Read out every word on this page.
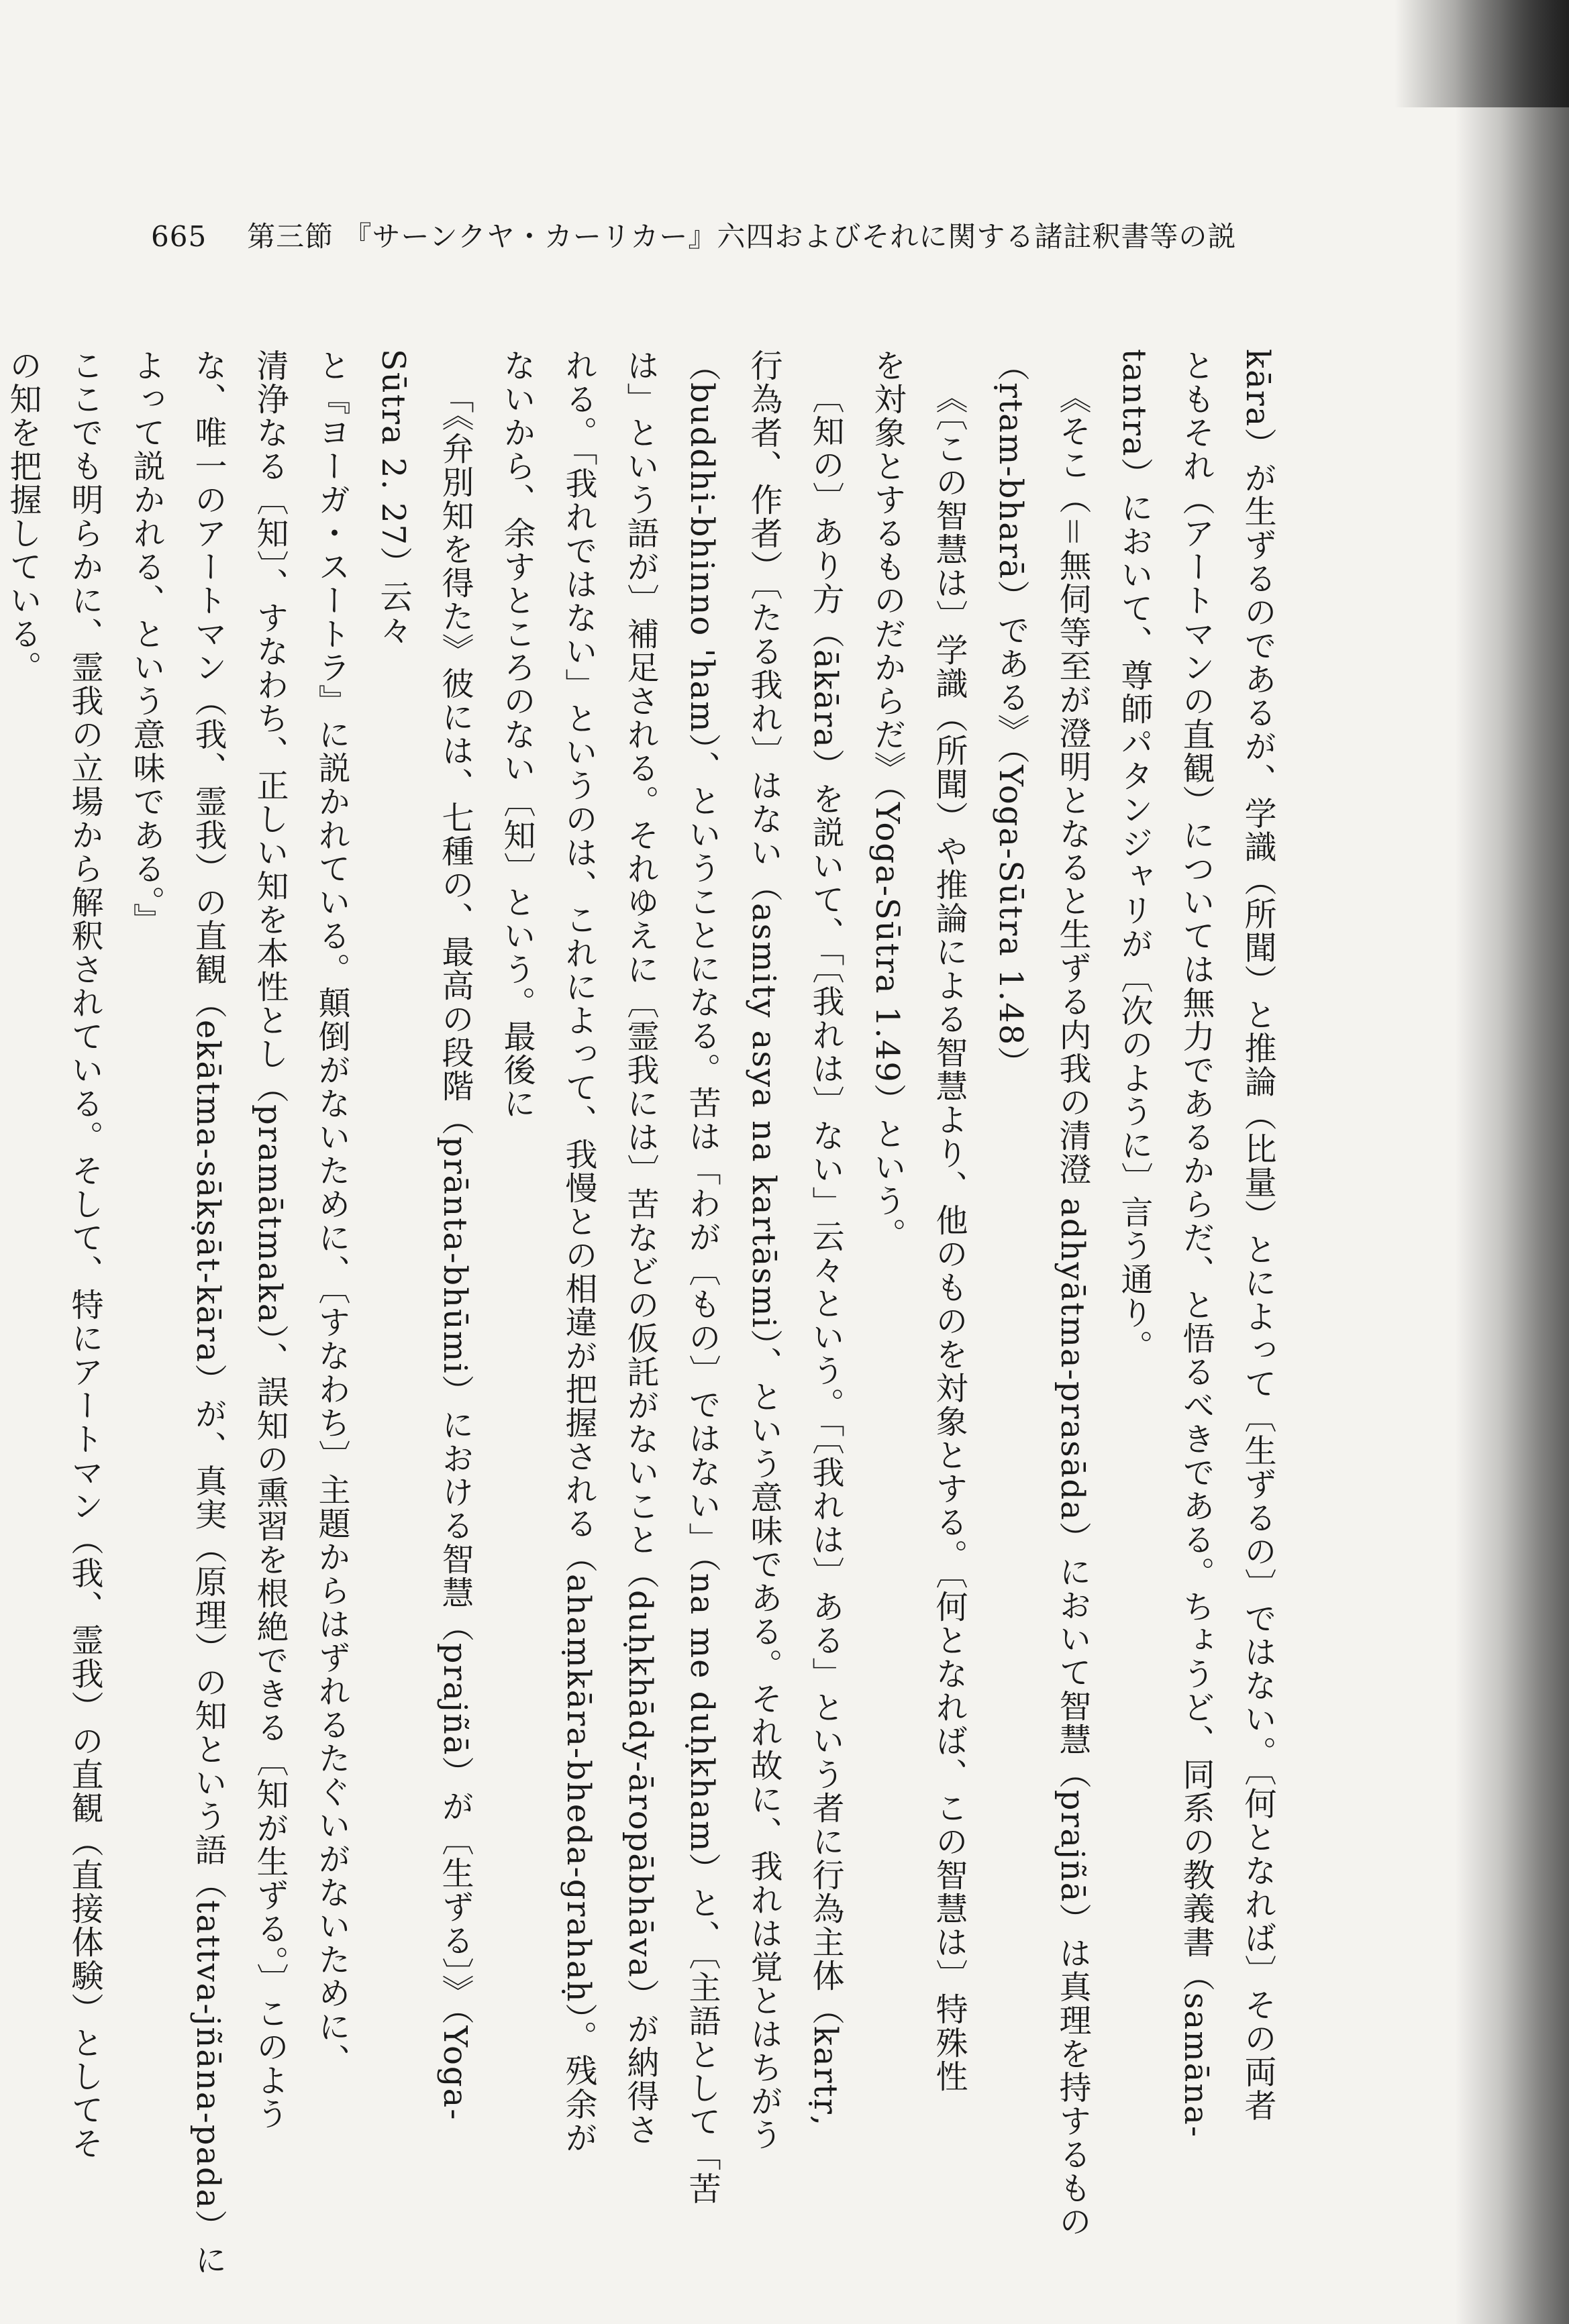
665 第三節 『サーンクヤ・カーリカー』六四およびそれに関する諸註釈書等の説
kāra）が生ずるのであるが、学識（所聞）と推論（比量）とによって〔生ずるの〕ではない。〔何となれば〕その両者
ともそれ（アートマンの直観）については無力であるからだ、と悟るべきである。ちょうど、同系の教義書（samāna-
tantra）において、尊師パタンジャリが〔次のように〕言う通り。
《そこ（＝無伺等至が澄明となると生ずる内我の清澄 adhyātma-prasāda）において智慧（prajñā）は真理を持するもの
（ṛtam-bharā）である》（Yoga-Sūtra 1.48）
《〔この智慧は〕学識（所聞）や推論による智慧より、他のものを対象とする。〔何となれば、この智慧は〕特殊性
を対象とするものだからだ》（Yoga-Sūtra 1.49）という。
〔知の〕あり方（ākāra）を説いて、「〔我れは〕ない」云々という。「〔我れは〕ある」という者に行為主体（kartṛ,
行為者、作者）〔たる我れ〕はない（asmity asya na kartāsmi）、という意味である。それ故に、我れは覚とはちがう
（buddhi-bhinno 'ham）、ということになる。苦は「わが〔もの〕ではない」（na me duḥkham）と、〔主語として「苦
は」という語が〕補足される。それゆえに〔霊我には〕苦などの仮託がないこと（duḥkhādy-āropābhāva）が納得さ
れる。「我れではない」というのは、これによって、我慢との相違が把握される（ahaṃkāra-bheda-grahaḥ）。残余が
ないから、余すところのない〔知〕という。最後に
「《弁別知を得た》彼には、七種の、最高の段階（prānta-bhūmi）における智慧（prajñā）が〔生ずる〕》（Yoga-
Sūtra 2. 27）云々
と『ヨーガ・スートラ』に説かれている。顛倒がないために、〔すなわち〕主題からはずれるたぐいがないために、
清浄なる〔知〕、すなわち、正しい知を本性とし（pramātmaka）、誤知の熏習を根絶できる〔知が生ずる。〕このよう
な、唯一のアートマン（我、霊我）の直観（ekātma-sākṣāt-kāra）が、真実（原理）の知という語（tattva-jñāna-pada）に
よって説かれる、という意味である。』
ここでも明らかに、霊我の立場から解釈されている。そして、特にアートマン（我、霊我）の直観（直接体験）としてそ
の知を把握している。
